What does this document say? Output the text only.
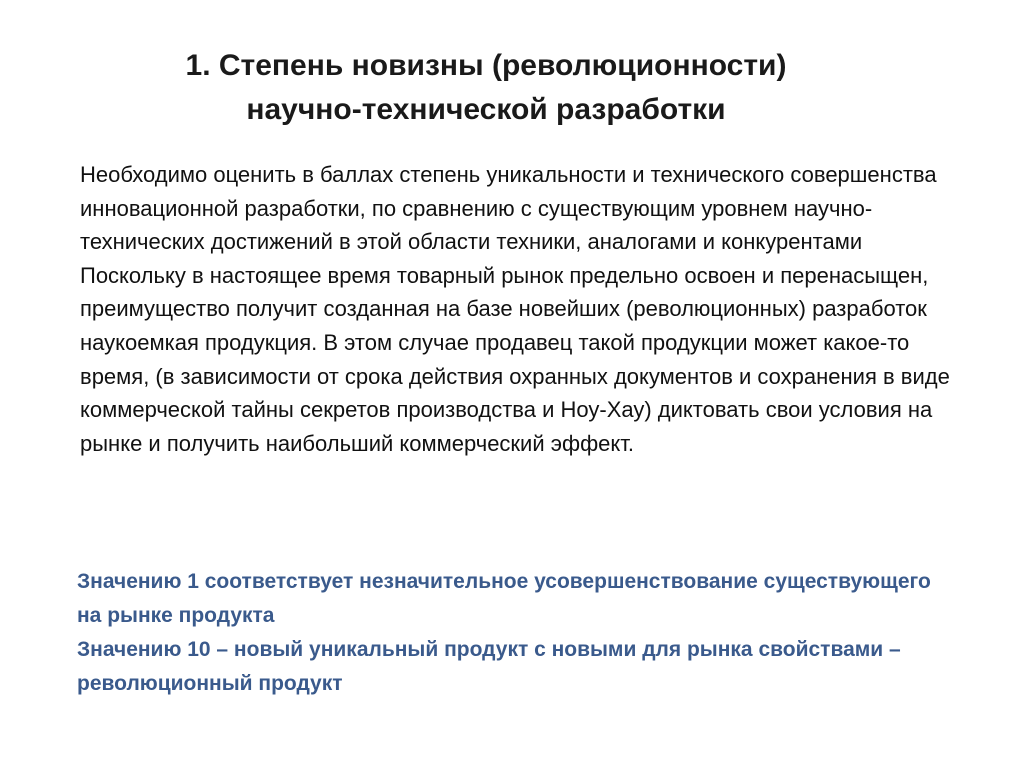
1. Степень новизны (революционности)
научно-технической разработки

Необходимо оценить в баллах степень уникальности и технического совершенства инновационной разработки, по сравнению с существующим уровнем научно-технических достижений в этой области техники, аналогами и конкурентами

Поскольку в настоящее время товарный рынок предельно освоен и перенасыщен, преимущество получит созданная на базе новейших (революционных) разработок наукоемкая продукция. В этом случае продавец такой продукции может какое-то время, (в зависимости от срока действия охранных документов и сохранения в виде коммерческой тайны секретов производства и Ноу-Хау) диктовать свои условия на рынке и получить наибольший коммерческий эффект.

Значению 1 соответствует незначительное усовершенствование существующего на рынке продукта

Значению 10 – новый уникальный продукт с новыми для рынка свойствами – революционный продукт
